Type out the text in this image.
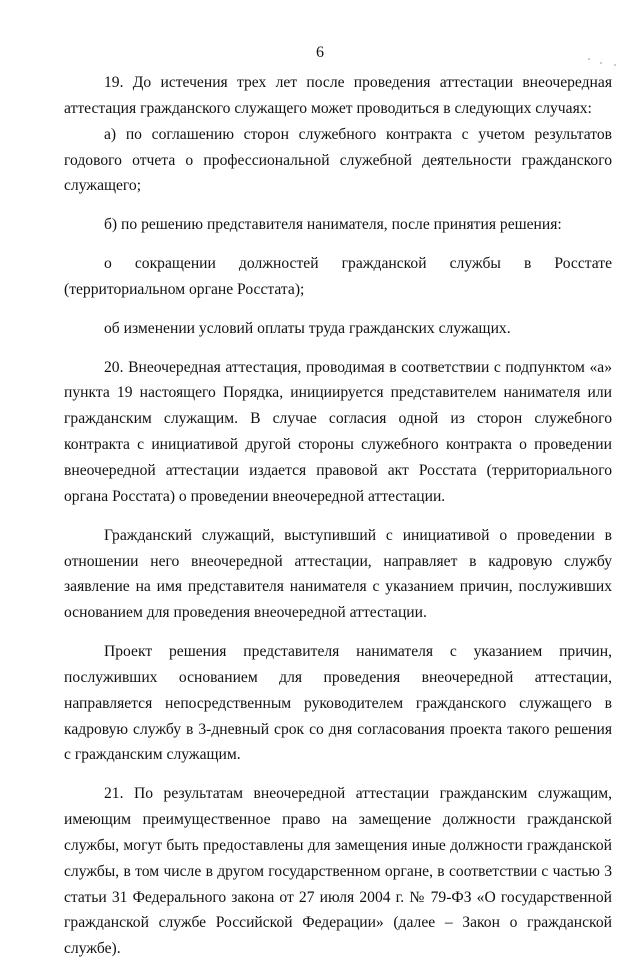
6

19. До истечения трех лет после проведения аттестации внеочередная аттестация гражданского служащего может проводиться в следующих случаях:

а) по соглашению сторон служебного контракта с учетом результатов годового отчета о профессиональной служебной деятельности гражданского служащего;

б) по решению представителя нанимателя, после принятия решения:

о сокращении должностей гражданской службы в Росстате (территориальном органе Росстата);

об изменении условий оплаты труда гражданских служащих.

20. Внеочередная аттестация, проводимая в соответствии с подпунктом «а» пункта 19 настоящего Порядка, инициируется представителем нанимателя или гражданским служащим. В случае согласия одной из сторон служебного контракта с инициативой другой стороны служебного контракта о проведении внеочередной аттестации издается правовой акт Росстата (территориального органа Росстата) о проведении внеочередной аттестации.

Гражданский служащий, выступивший с инициативой о проведении в отношении него внеочередной аттестации, направляет в кадровую службу заявление на имя представителя нанимателя с указанием причин, послуживших основанием для проведения внеочередной аттестации.

Проект решения представителя нанимателя с указанием причин, послуживших основанием для проведения внеочередной аттестации, направляется непосредственным руководителем гражданского служащего в кадровую службу в 3-дневный срок со дня согласования проекта такого решения с гражданским служащим.

21. По результатам внеочередной аттестации гражданским служащим, имеющим преимущественное право на замещение должности гражданской службы, могут быть предоставлены для замещения иные должности гражданской службы, в том числе в другом государственном органе, в соответствии с частью 3 статьи 31 Федерального закона от 27 июля 2004 г. № 79-ФЗ «О государственной гражданской службе Российской Федерации» (далее – Закон о гражданской службе).
